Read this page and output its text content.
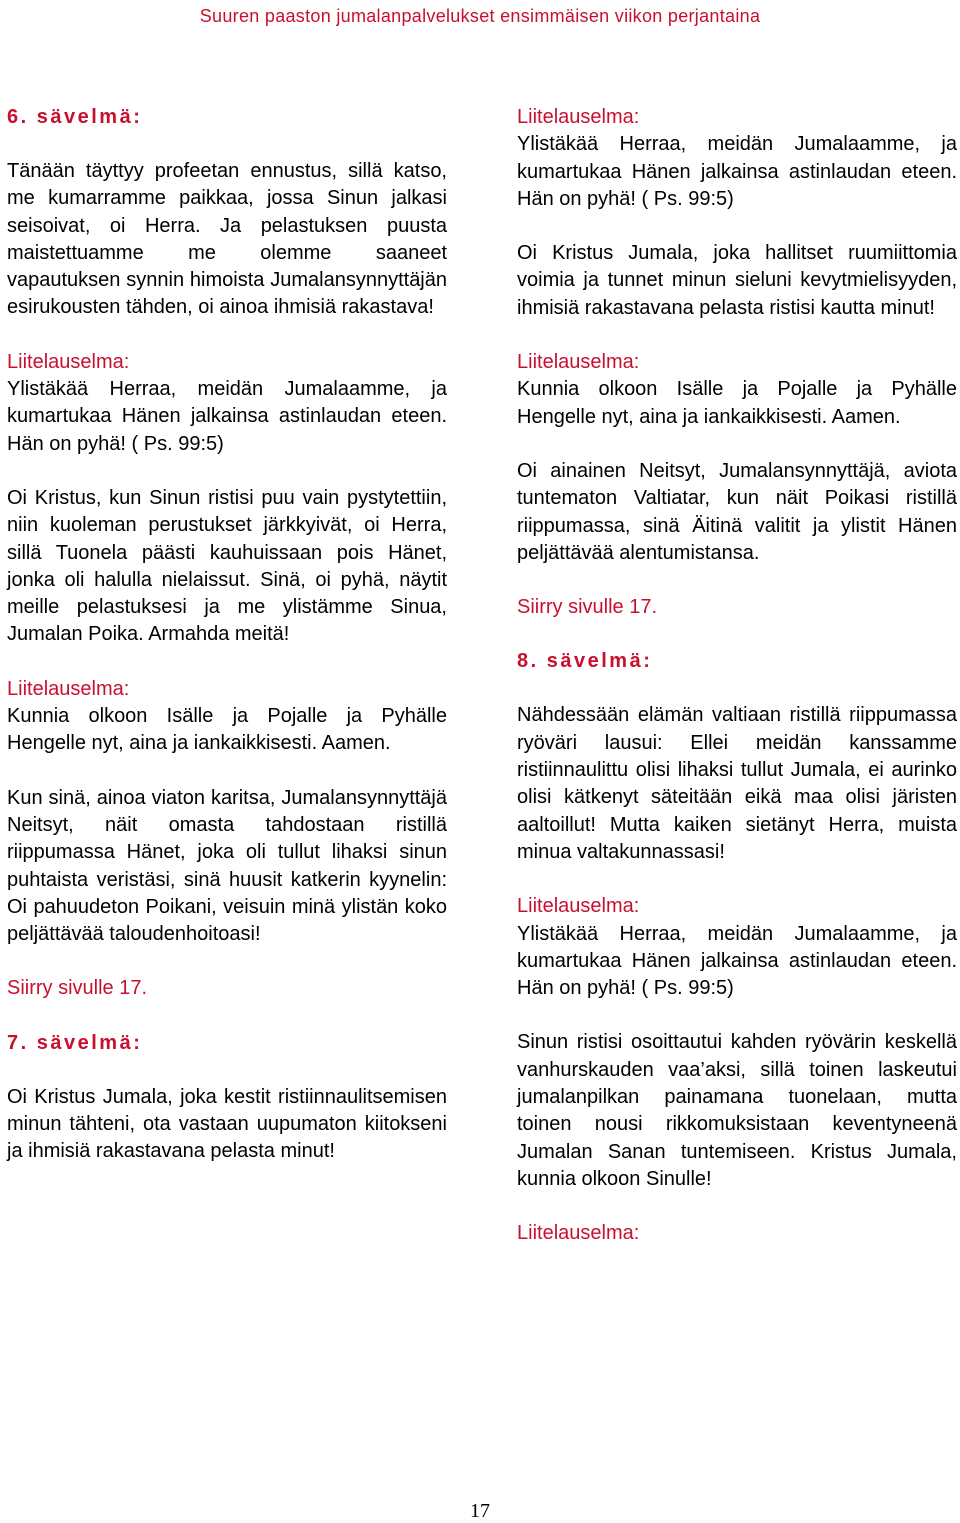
Suuren paaston jumalanpalvelukset ensimmäisen viikon perjantaina
6. sävelmä:
Tänään täyttyy profeetan ennustus, sillä katso, me kumarramme paikkaa, jossa Sinun jalkasi seisoivat, oi Herra. Ja pelastuksen puusta maistettuamme me olemme saaneet vapautuksen synnin himoista Jumalansynnyttäjän esirukousten tähden, oi ainoa ihmisiä rakastava!
Liitelauselma:
Ylistäkää Herraa, meidän Jumalaamme, ja kumartukaa Hänen jalkainsa astinlaudan eteen. Hän on pyhä! ( Ps. 99:5)
Oi Kristus, kun Sinun ristisi puu vain pystytettiin, niin kuoleman perustukset järkkyivät, oi Herra, sillä Tuonela päästi kauhuissaan pois Hänet, jonka oli halulla nielaissut. Sinä, oi pyhä, näytit meille pelastuksesi ja me ylistämme Sinua, Jumalan Poika. Armahda meitä!
Liitelauselma:
Kunnia olkoon Isälle ja Pojalle ja Pyhälle Hengelle nyt, aina ja iankaikkisesti. Aamen.
Kun sinä, ainoa viaton karitsa, Jumalansynnyttäjä Neitsyt, näit omasta tahdostaan ristillä riippumassa Hänet, joka oli tullut lihaksi sinun puhtaista veristäsi, sinä huusit katkerin kyynelin: Oi pahuudeton Poikani, veisuin minä ylistän koko peljättävää taloudenhoitoasi!
Siirry sivulle 17.
7. sävelmä:
Oi Kristus Jumala, joka kestit ristiinnaulitsemisen minun tähteni, ota vastaan uupumaton kiitokseni ja ihmisiä rakastavana pelasta minut!
Liitelauselma:
Ylistäkää Herraa, meidän Jumalaamme, ja kumartukaa Hänen jalkainsa astinlaudan eteen. Hän on pyhä! ( Ps. 99:5)
Oi Kristus Jumala, joka hallitset ruumiittomia voimia ja tunnet minun sieluni kevytmielisyyden, ihmisiä rakastavana pelasta ristisi kautta minut!
Liitelauselma:
Kunnia olkoon Isälle ja Pojalle ja Pyhälle Hengelle nyt, aina ja iankaikkisesti. Aamen.
Oi ainainen Neitsyt, Jumalansynnyttäjä, aviota tuntematon Valtiatar, kun näit Poikasi ristillä riippumassa, sinä Äitinä valitit ja ylistit Hänen peljättävää alentumistansa.
Siirry sivulle 17.
8. sävelmä:
Nähdessään elämän valtiaan ristillä riippumassa ryöväri lausui: Ellei meidän kanssamme ristiinnaulittu olisi lihaksi tullut Jumala, ei aurinko olisi kätkenyt säteitään eikä maa olisi järisten aaltoillut! Mutta kaiken sietänyt Herra, muista minua valtakunnassasi!
Liitelauselma:
Ylistäkää Herraa, meidän Jumalaamme, ja kumartukaa Hänen jalkainsa astinlaudan eteen. Hän on pyhä! ( Ps. 99:5)
Sinun ristisi osoittautui kahden ryövärin keskellä vanhurskauden vaa’aksi, sillä toinen laskeutui jumalanpilkan painamana tuonelaan, mutta toinen nousi rikkomuksistaan keventyneenä Jumalan Sanan tuntemiseen. Kristus Jumala, kunnia olkoon Sinulle!
Liitelauselma:
17
